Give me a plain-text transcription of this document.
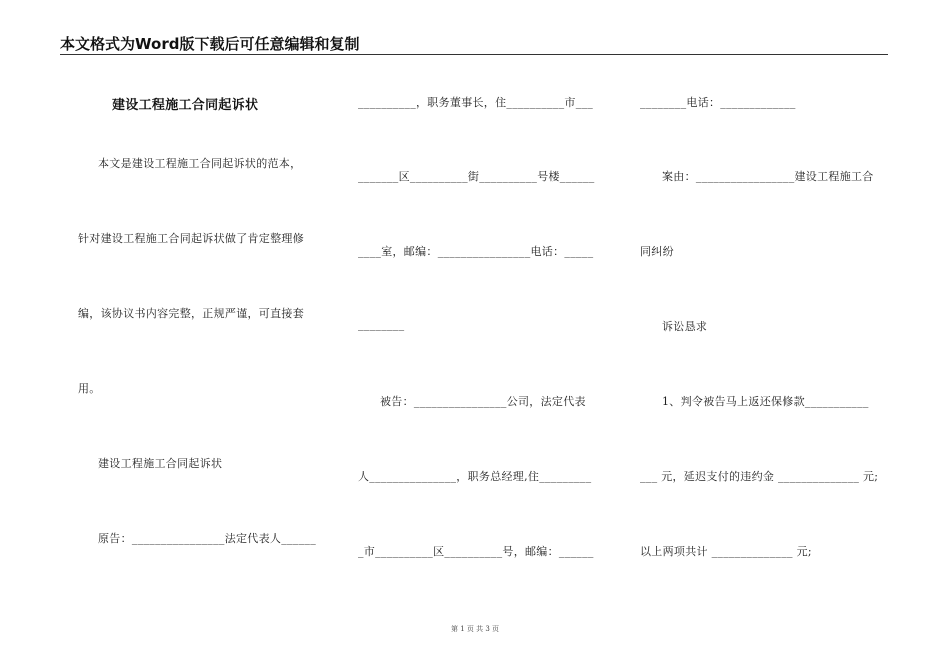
本文格式为Word版下载后可任意编辑和复制
建设工程施工合同起诉状
本文是建设工程施工合同起诉状的范本，
针对建设工程施工合同起诉状做了肯定整理修
编，该协议书内容完整，正规严谨，可直接套
用。
建设工程施工合同起诉状
原告：________________法定代表人______
__________，职务董事长，住__________市___
_______区__________街__________号楼______
____室，邮编：________________电话：_____
________
被告：________________公司，法定代表
人_______________，职务总经理,住_________
_市__________区__________号，邮编：______
________电话：_____________
案由：_________________建设工程施工合
同纠纷
诉讼恳求
1、判令被告马上返还保修款___________
___ 元，延迟支付的违约金 ______________ 元;
以上两项共计 ______________ 元;
第 1 页 共 3 页
